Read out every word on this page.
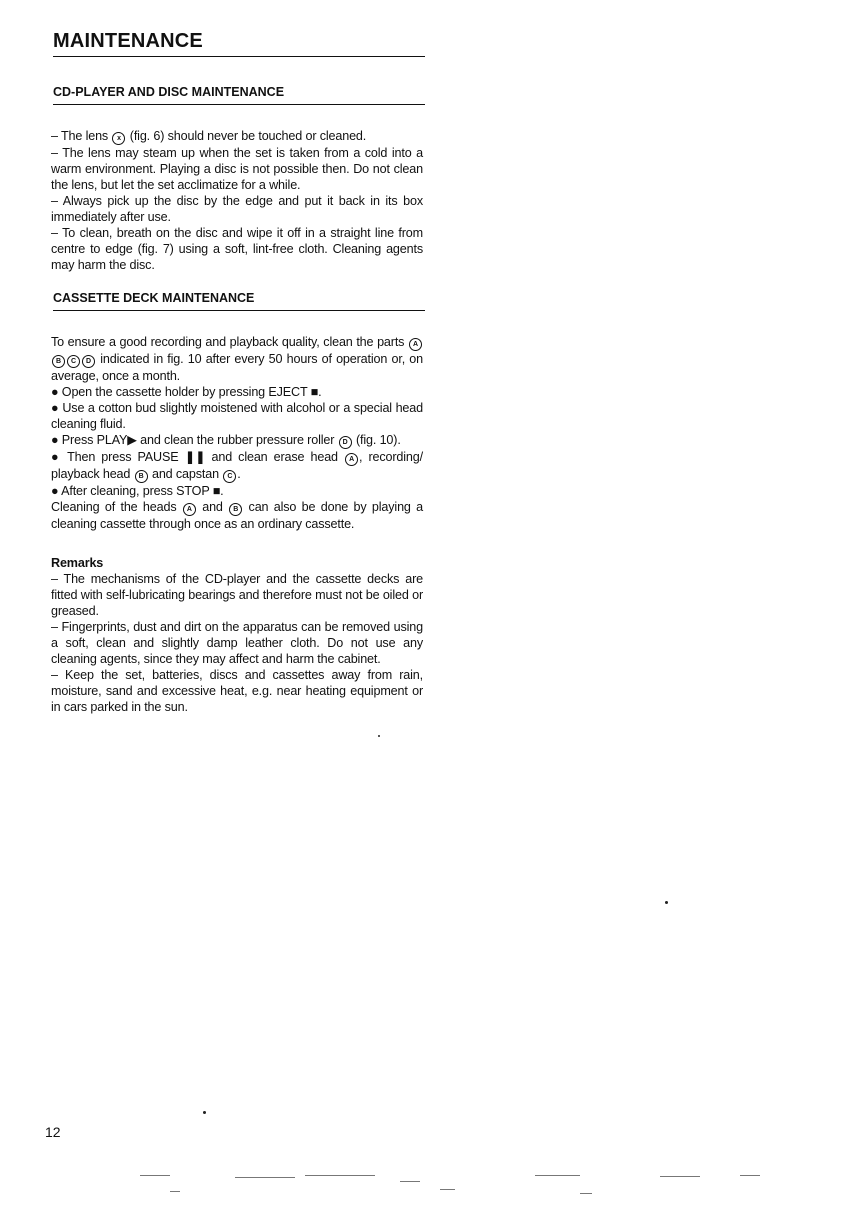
MAINTENANCE
CD-PLAYER AND DISC MAINTENANCE

– The lens x (fig. 6) should never be touched or cleaned.

– The lens may steam up when the set is taken from a cold into a warm environment. Playing a disc is not possible then. Do not clean the lens, but let the set acclimatize for a while.

– Always pick up the disc by the edge and put it back in its box immediately after use.

– To clean, breath on the disc and wipe it off in a straight line from centre to edge (fig. 7) using a soft, lint-free cloth. Cleaning agents may harm the disc.

CASSETTE DECK MAINTENANCE

To ensure a good recording and playback quality, clean the parts AB C D indicated in fig. 10 after every 50 hours of operation or, on average, once a month.

● Open the cassette holder by pressing EJECT ■.

● Use a cotton bud slightly moistened with alcohol or a special head cleaning fluid.

● Press PLAY▶ and clean the rubber pressure roller D (fig. 10).

● Then press PAUSE ❚❚ and clean erase head A , recording/ playback head B and capstan C .

● After cleaning, press STOP ■.

Cleaning of the heads A and B can also be done by playing a cleaning cassette through once as an ordinary cassette.

Remarks

– The mechanisms of the CD-player and the cassette decks are fitted with self-lubricating bearings and therefore must not be oiled or greased.

– Fingerprints, dust and dirt on the apparatus can be removed using a soft, clean and slightly damp leather cloth. Do not use any cleaning agents, since they may affect and harm the cabinet.

– Keep the set, batteries, discs and cassettes away from rain, moisture, sand and excessive heat, e.g. near heating equipment or in cars parked in the sun.

12
